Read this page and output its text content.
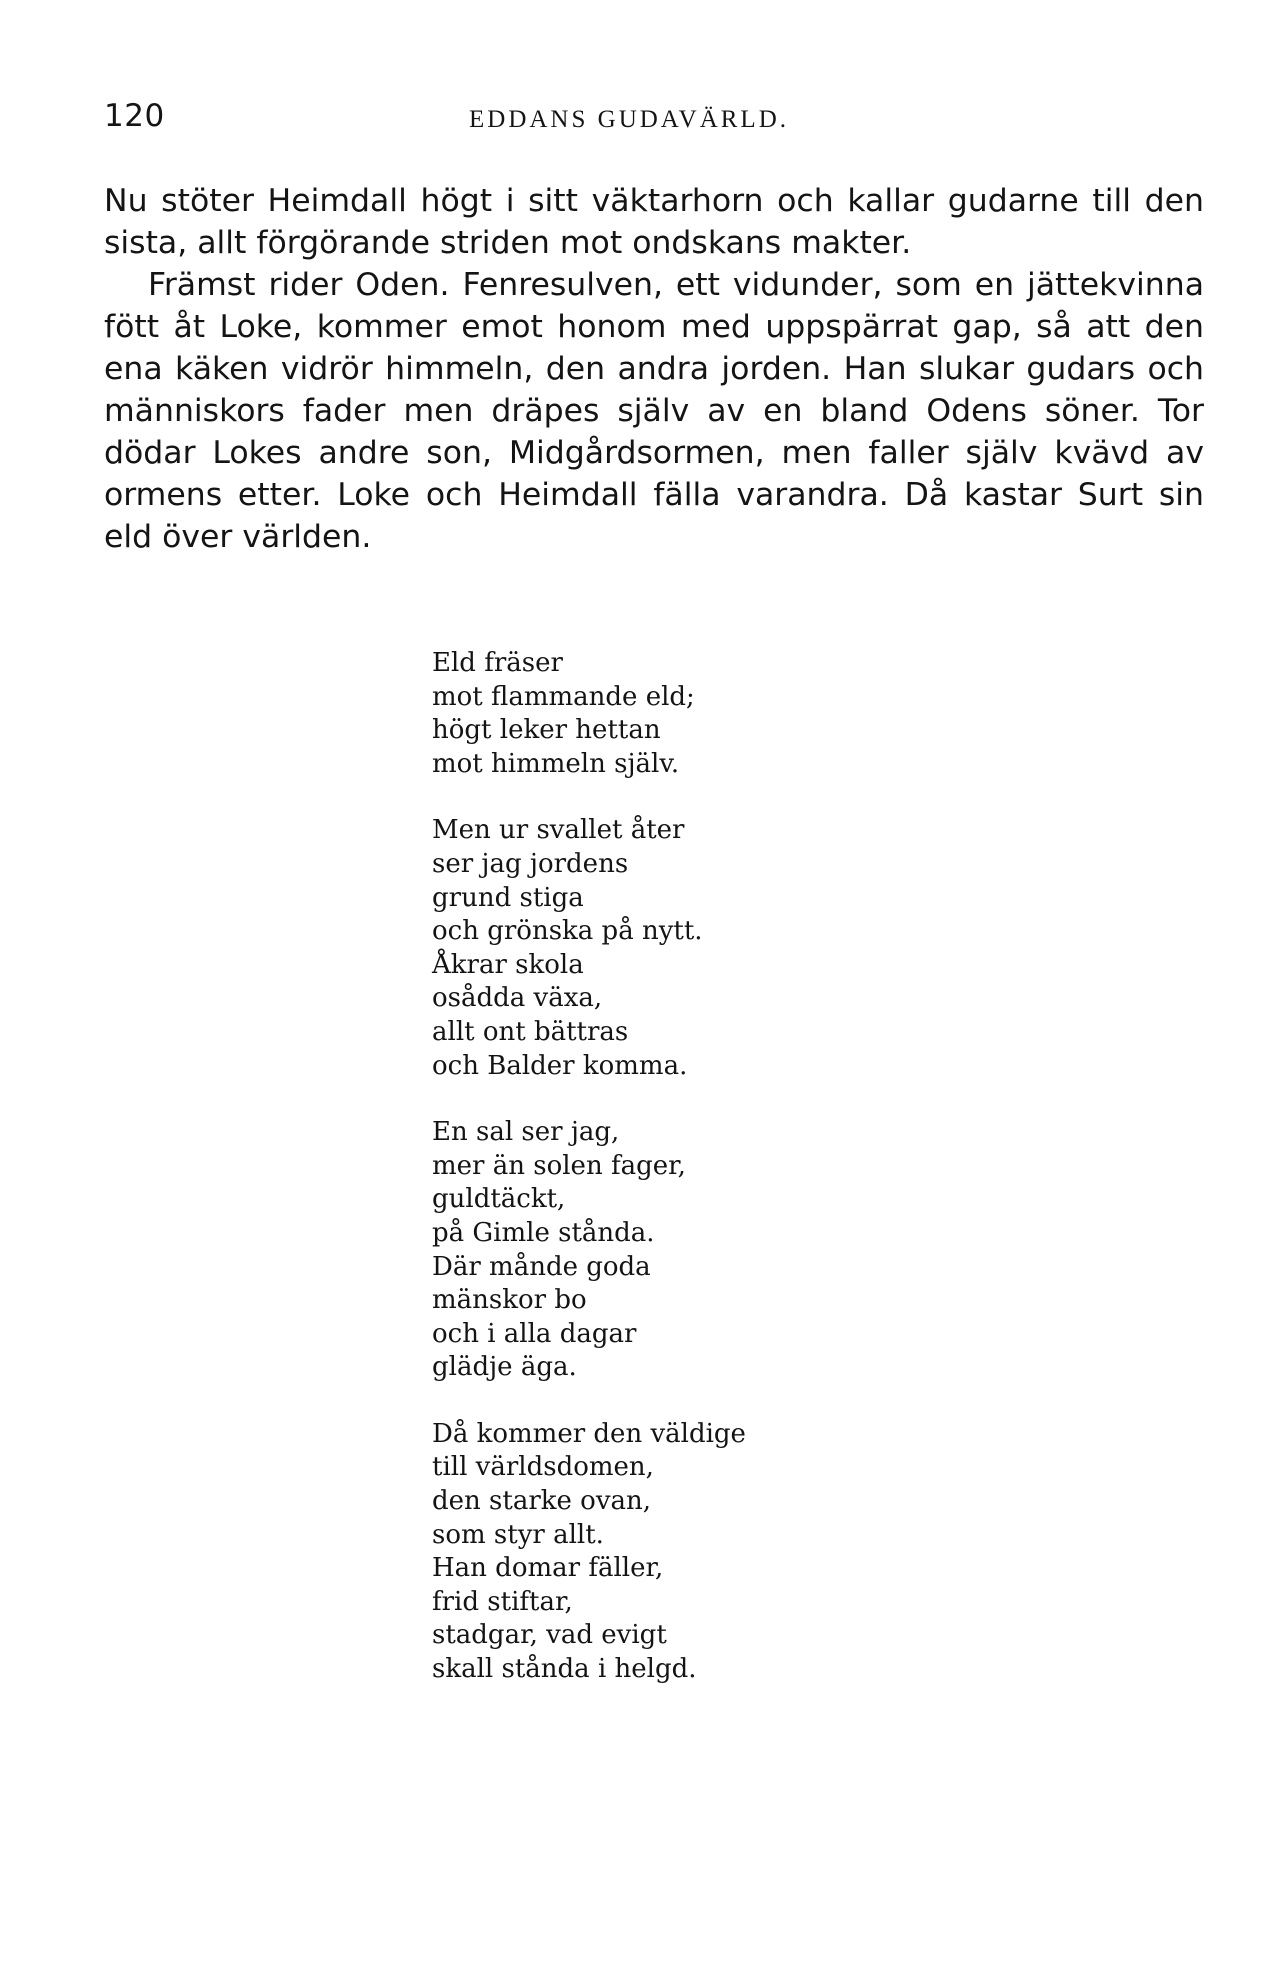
120	EDDANS GUDAVÄRLD.

Nu stöter Heimdall högt i sitt väktarhorn och kallar gudarne till den sista, allt förgörande striden mot ondskans makter.

Främst rider Oden. Fenresulven, ett vidunder, som en jättekvinna fött åt Loke, kommer emot honom med uppspärrat gap, så att den ena käken vidrör himmeln, den andra jorden. Han slukar gudars och människors fader men dräpes själv av en bland Odens söner. Tor dödar Lokes andre son, Midgårdsormen, men faller själv kvävd av ormens etter. Loke och Heimdall fälla varandra. Då kastar Surt sin eld över världen.

Eld fräser
mot flammande eld;
högt leker hettan
mot himmeln själv.
Men ur svallet åter
ser jag jordens
grund stiga
och grönska på nytt.
Åkrar skola
osådda växa,
allt ont bättras
och Balder komma.
En sal ser jag,
mer än solen fager,
guldtäckt,
på Gimle stånda.
Där månde goda
mänskor bo
och i alla dagar
glädje äga.
Då kommer den väldige
till världsdomen,
den starke ovan,
som styr allt.
Han domar fäller,
frid stiftar,
stadgar, vad evigt
skall stånda i helgd.
